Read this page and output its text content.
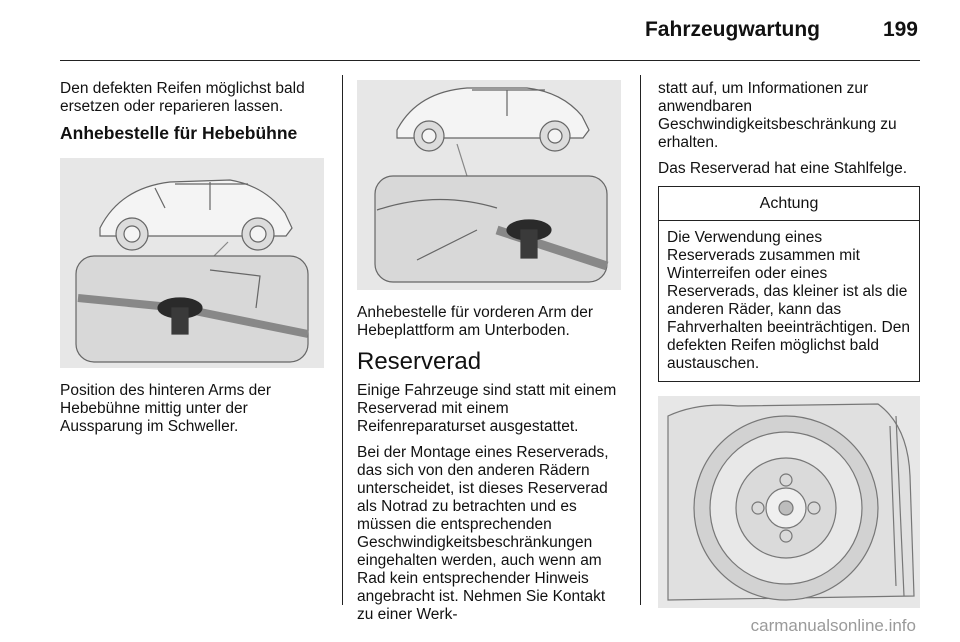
Fahrzeugwartung	199

Den defekten Reifen möglichst bald ersetzen oder reparieren lassen.

Anhebestelle für Hebebühne

Position des hinteren Arms der Hebebühne mittig unter der Aussparung im Schweller.

Anhebestelle für vorderen Arm der Hebeplattform am Unterboden.

Reserverad

Einige Fahrzeuge sind statt mit einem Reserverad mit einem Reifenreparaturset ausgestattet.

Bei der Montage eines Reserverads, das sich von den anderen Rädern unterscheidet, ist dieses Reserverad als Notrad zu betrachten und es müssen die entsprechenden Geschwindigkeitsbeschränkungen eingehalten werden, auch wenn am Rad kein entsprechender Hinweis angebracht ist. Nehmen Sie Kontakt zu einer Werk-

statt auf, um Informationen zur anwendbaren Geschwindigkeitsbeschränkung zu erhalten.

Das Reserverad hat eine Stahlfelge.

Achtung
Die Verwendung eines Reserverads zusammen mit Winterreifen oder eines Reserverads, das kleiner ist als die anderen Räder, kann das Fahrverhalten beeinträchtigen. Den defekten Reifen möglichst bald austauschen.
carmanualsonline.info
